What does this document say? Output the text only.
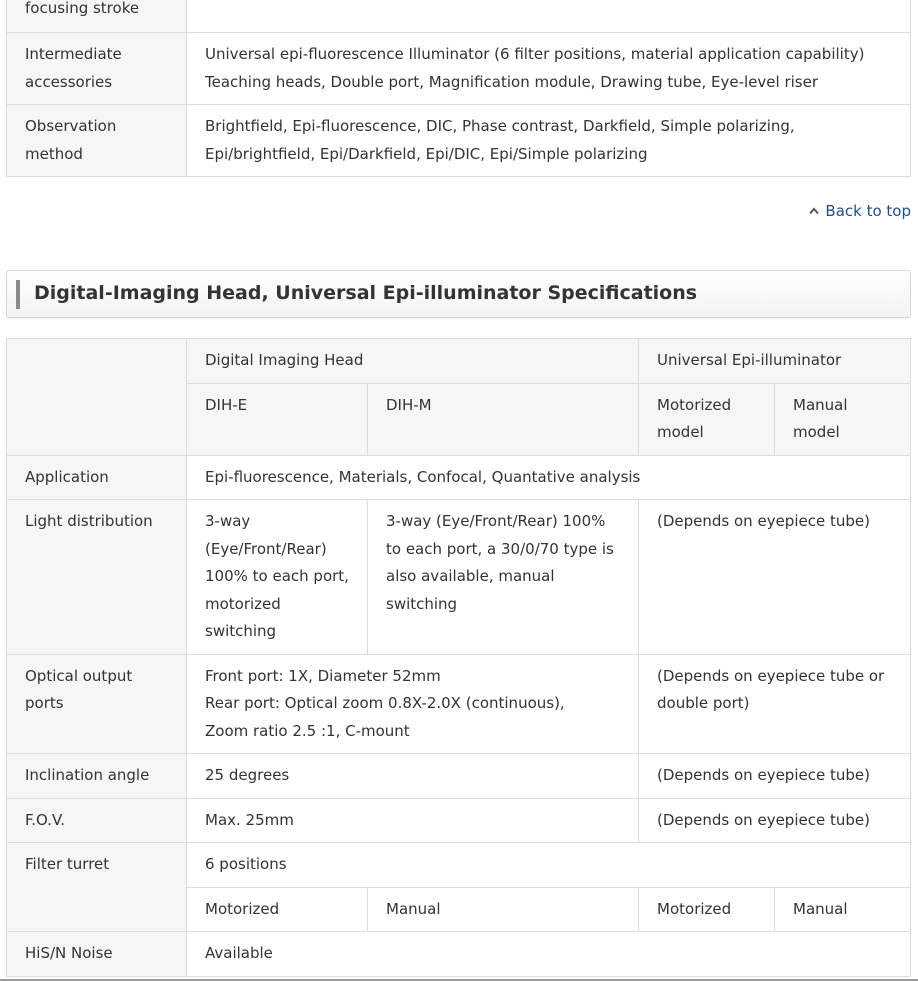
focusing stroke	
Intermediate accessories	Universal epi-fluorescence Illuminator (6 filter positions, material application capability)
Teaching heads, Double port, Magnification module, Drawing tube, Eye-level riser

Observation method	Brightfield, Epi-fluorescence, DIC, Phase contrast, Darkfield, Simple polarizing,
Epi/brightfield, Epi/Darkfield, Epi/DIC, Epi/Simple polarizing
Back to top
Digital-Imaging Head, Universal Epi-illuminator Specifications
	Digital Imaging Head		Universal Epi-illuminator	
	DIH-E	DIH-M	Motorized model	Manual model
Application	Epi-fluorescence, Materials, Confocal, Quantative analysis			
Light distribution	3-way (Eye/Front/Rear) 100% to each port, motorized switching	3-way (Eye/Front/Rear) 100% to each port, a 30/0/70 type is also available, manual switching	(Depends on eyepiece tube)	
Optical output ports	Front port: 1X, Diameter 52mm
Rear port: Optical zoom 0.8X-2.0X (continuous),
Zoom ratio 2.5 :1, C-mount		(Depends on eyepiece tube or double port)	
Inclination angle	25 degrees		(Depends on eyepiece tube)	
F.O.V.	Max. 25mm		(Depends on eyepiece tube)	
Filter turret	6 positions			
	Motorized	Manual	Motorized	Manual
HiS/N Noise	Available			
